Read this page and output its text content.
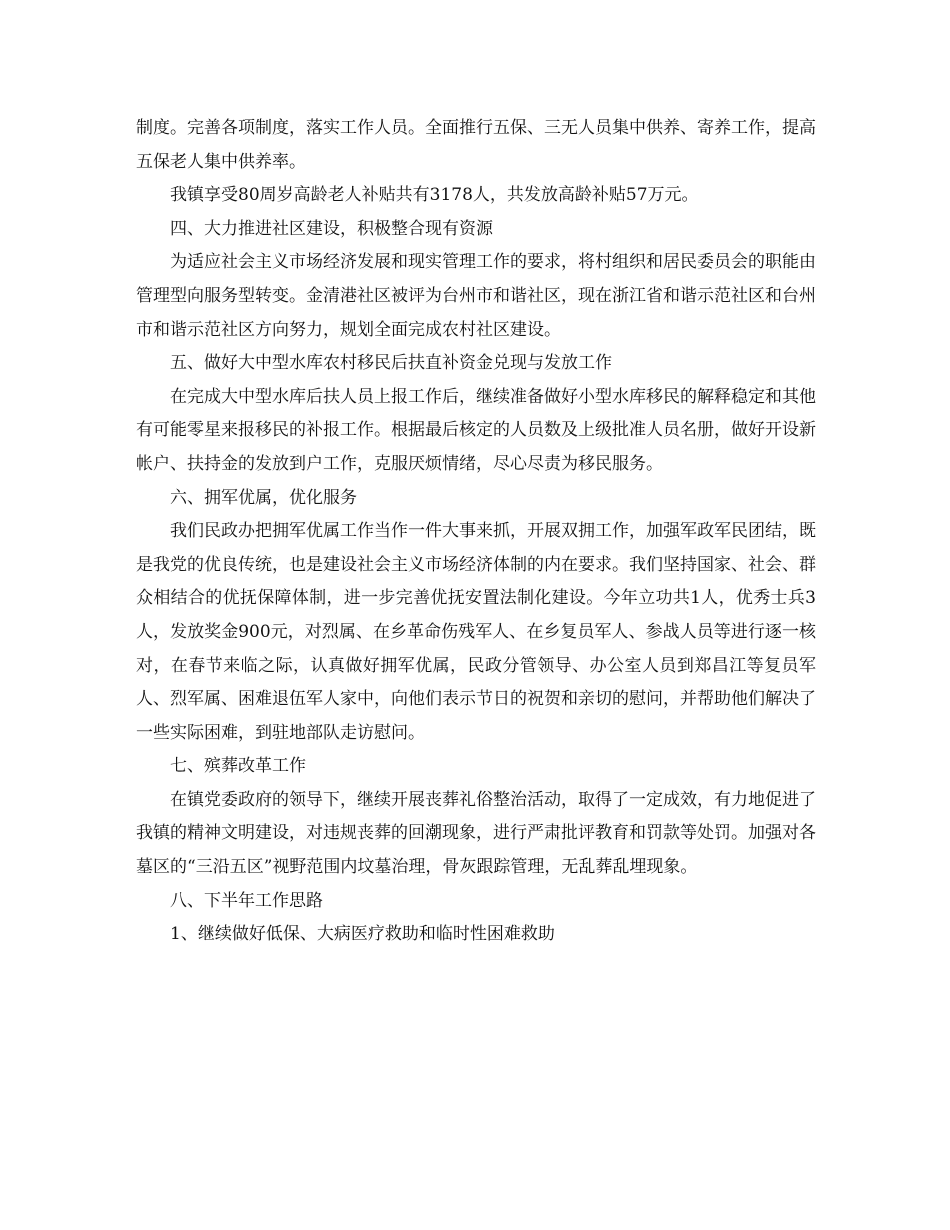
制度。完善各项制度，落实工作人员。全面推行五保、三无人员集中供养、寄养工作，提高五保老人集中供养率。

我镇享受80周岁高龄老人补贴共有3178人，共发放高龄补贴57万元。

四、大力推进社区建设，积极整合现有资源

为适应社会主义市场经济发展和现实管理工作的要求，将村组织和居民委员会的职能由管理型向服务型转变。金清港社区被评为台州市和谐社区，现在浙江省和谐示范社区和台州市和谐示范社区方向努力，规划全面完成农村社区建设。

五、做好大中型水库农村移民后扶直补资金兑现与发放工作

在完成大中型水库后扶人员上报工作后，继续准备做好小型水库移民的解释稳定和其他有可能零星来报移民的补报工作。根据最后核定的人员数及上级批准人员名册，做好开设新帐户、扶持金的发放到户工作，克服厌烦情绪，尽心尽责为移民服务。

六、拥军优属，优化服务

我们民政办把拥军优属工作当作一件大事来抓，开展双拥工作，加强军政军民团结，既是我党的优良传统，也是建设社会主义市场经济体制的内在要求。我们坚持国家、社会、群众相结合的优抚保障体制，进一步完善优抚安置法制化建设。今年立功共1人，优秀士兵3人，发放奖金900元，对烈属、在乡革命伤残军人、在乡复员军人、参战人员等进行逐一核对，在春节来临之际，认真做好拥军优属，民政分管领导、办公室人员到郑昌江等复员军人、烈军属、困难退伍军人家中，向他们表示节日的祝贺和亲切的慰问，并帮助他们解决了一些实际困难，到驻地部队走访慰问。

七、殡葬改革工作

在镇党委政府的领导下，继续开展丧葬礼俗整治活动，取得了一定成效，有力地促进了我镇的精神文明建设，对违规丧葬的回潮现象，进行严肃批评教育和罚款等处罚。加强对各墓区的“三沿五区”视野范围内坟墓治理，骨灰跟踪管理，无乱葬乱埋现象。

八、下半年工作思路

1、继续做好低保、大病医疗救助和临时性困难救助
